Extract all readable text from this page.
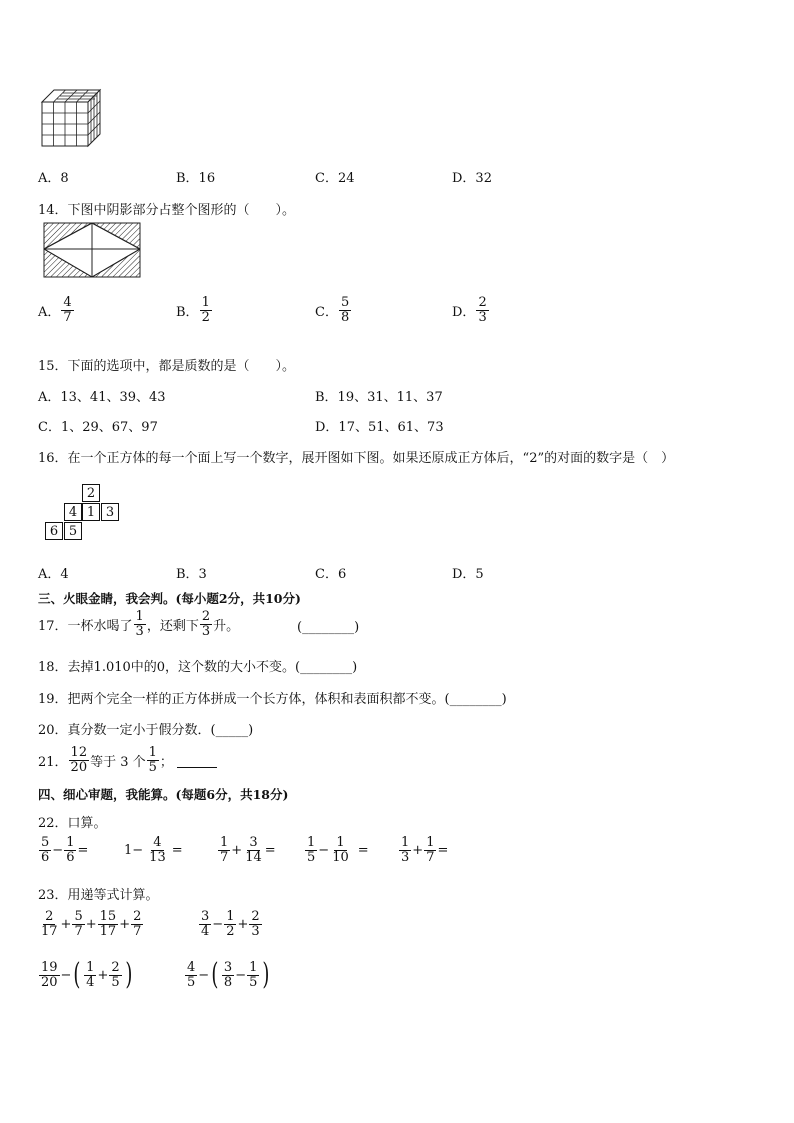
A．8	B．16	C．24	D．32
14．下图中阴影部分占整个图形的（　　）。
A． $\frac{4}{7}$	B． $\frac{1}{2}$	C． $\frac{5}{8}$	D． $\frac{2}{3}$
15．下面的选项中，都是质数的是（　　）。
A．13、41、39、43	B．19、31、11、37
C．1、29、67、97	D．17、51、61、73
16．在一个正方体的每一个面上写一个数字，展开图如下图。如果还原成正方体后，“2”的对面的数字是（　）
2
4 1 3
6 5
A．4	B．3	C．6	D．5
三、火眼金睛，我会判。(每小题2分，共10分)
17．一杯水喝了 $\frac{1}{3}$ ，还剩下 $\frac{2}{3}$ 升。	(________)
18．去掉1.010中的0，这个数的大小不变。(________)
19．把两个完全一样的正方体拼成一个长方体，体积和表面积都不变。(________)
20．真分数一定小于假分数．(_____)
21． $\frac{12}{20}$ 等于 3 个 $\frac{1}{5}$ ；
四、细心审题，我能算。(每题6分，共18分)
22．口算。
$\frac{5}{6} - \frac{1}{6}$ =	$1- \frac{4}{13}$ =	$\frac{1}{7} + \frac{3}{14} = \frac{1}{5} - \frac{1}{10} = \frac{1}{3} + \frac{1}{7}$ =
23．用递等式计算。
$\frac{2}{17} + \frac{5}{7} + \frac{15}{17} + \frac{2}{7}$	$\frac{3}{4} - \frac{1}{2} + \frac{2}{3}$
$\frac{19}{20}$ − ( $\frac{1}{4} + \frac{2}{5}$ )	$\frac{4}{5}$ − ( $\frac{3}{8} - \frac{1}{5}$ )
